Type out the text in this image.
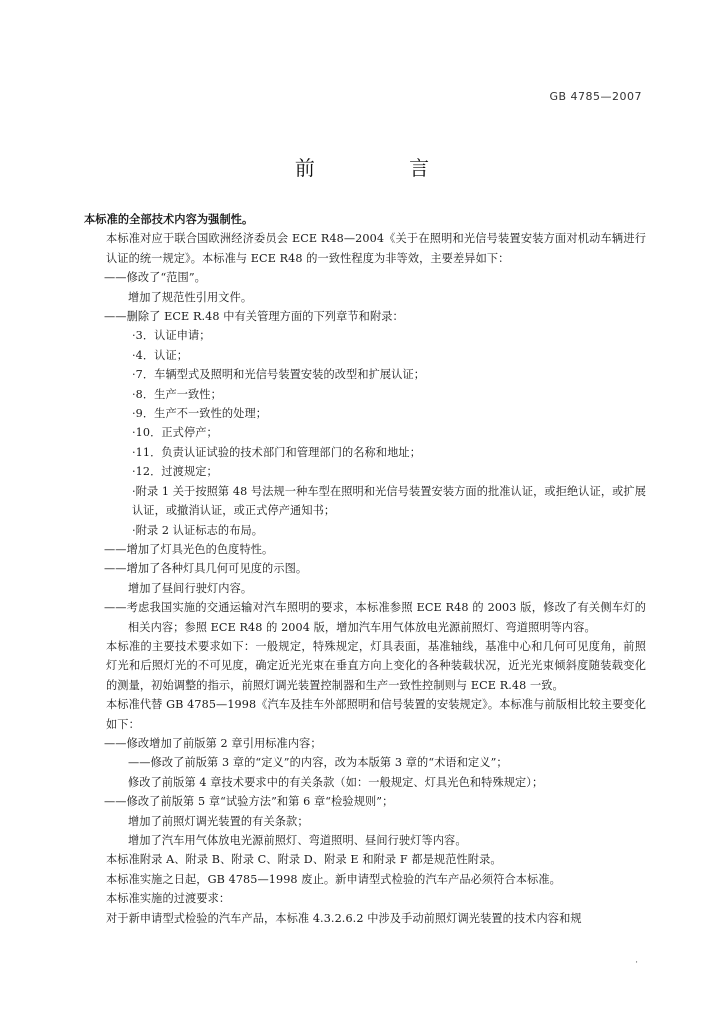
GB 4785—2007
前 言

本标准的全部技术内容为强制性。

本标准对应于联合国欧洲经济委员会 ECE R48—2004《关于在照明和光信号装置安装方面对机动车辆进行认证的统一规定》。本标准与 ECE R48 的一致性程度为非等效，主要差异如下：

——修改了“范围”。

增加了规范性引用文件。

——删除了 ECE R.48 中有关管理方面的下列章节和附录：

·3．认证申请；

·4．认证；

·7．车辆型式及照明和光信号装置安装的改型和扩展认证；

·8．生产一致性；

·9．生产不一致性的处理；

·10．正式停产；

·11．负责认证试验的技术部门和管理部门的名称和地址；

·12．过渡规定；

·附录 1 关于按照第 48 号法规一种车型在照明和光信号装置安装方面的批准认证，或拒绝认证，或扩展认证，或撤消认证，或正式停产通知书；

·附录 2 认证标志的布局。

——增加了灯具光色的色度特性。

——增加了各种灯具几何可见度的示图。

增加了昼间行驶灯内容。

——考虑我国实施的交通运输对汽车照明的要求，本标准参照 ECE R48 的 2003 版，修改了有关侧车灯的相关内容；参照 ECE R48 的 2004 版，增加汽车用气体放电光源前照灯、弯道照明等内容。

本标准的主要技术要求如下：一般规定，特殊规定，灯具表面，基准轴线，基准中心和几何可见度角，前照灯光和后照灯光的不可见度，确定近光光束在垂直方向上变化的各种装载状况，近光光束倾斜度随装载变化的测量，初始调整的指示，前照灯调光装置控制器和生产一致性控制则与 ECE R.48 一致。

本标准代替 GB 4785—1998《汽车及挂车外部照明和信号装置的安装规定》。本标准与前版相比较主要变化如下：

——修改增加了前版第 2 章引用标准内容；

——修改了前版第 3 章的“定义”的内容，改为本版第 3 章的“术语和定义”；

修改了前版第 4 章技术要求中的有关条款（如：一般规定、灯具光色和特殊规定）；

——修改了前版第 5 章“试验方法”和第 6 章“检验规则”；

增加了前照灯调光装置的有关条款；

增加了汽车用气体放电光源前照灯、弯道照明、昼间行驶灯等内容。

本标准附录 A、附录 B、附录 C、附录 D、附录 E 和附录 F 都是规范性附录。

本标准实施之日起，GB 4785—1998 废止。新申请型式检验的汽车产品必须符合本标准。

本标准实施的过渡要求：

对于新申请型式检验的汽车产品，本标准 4.3.2.6.2 中涉及手动前照灯调光装置的技术内容和规

·
